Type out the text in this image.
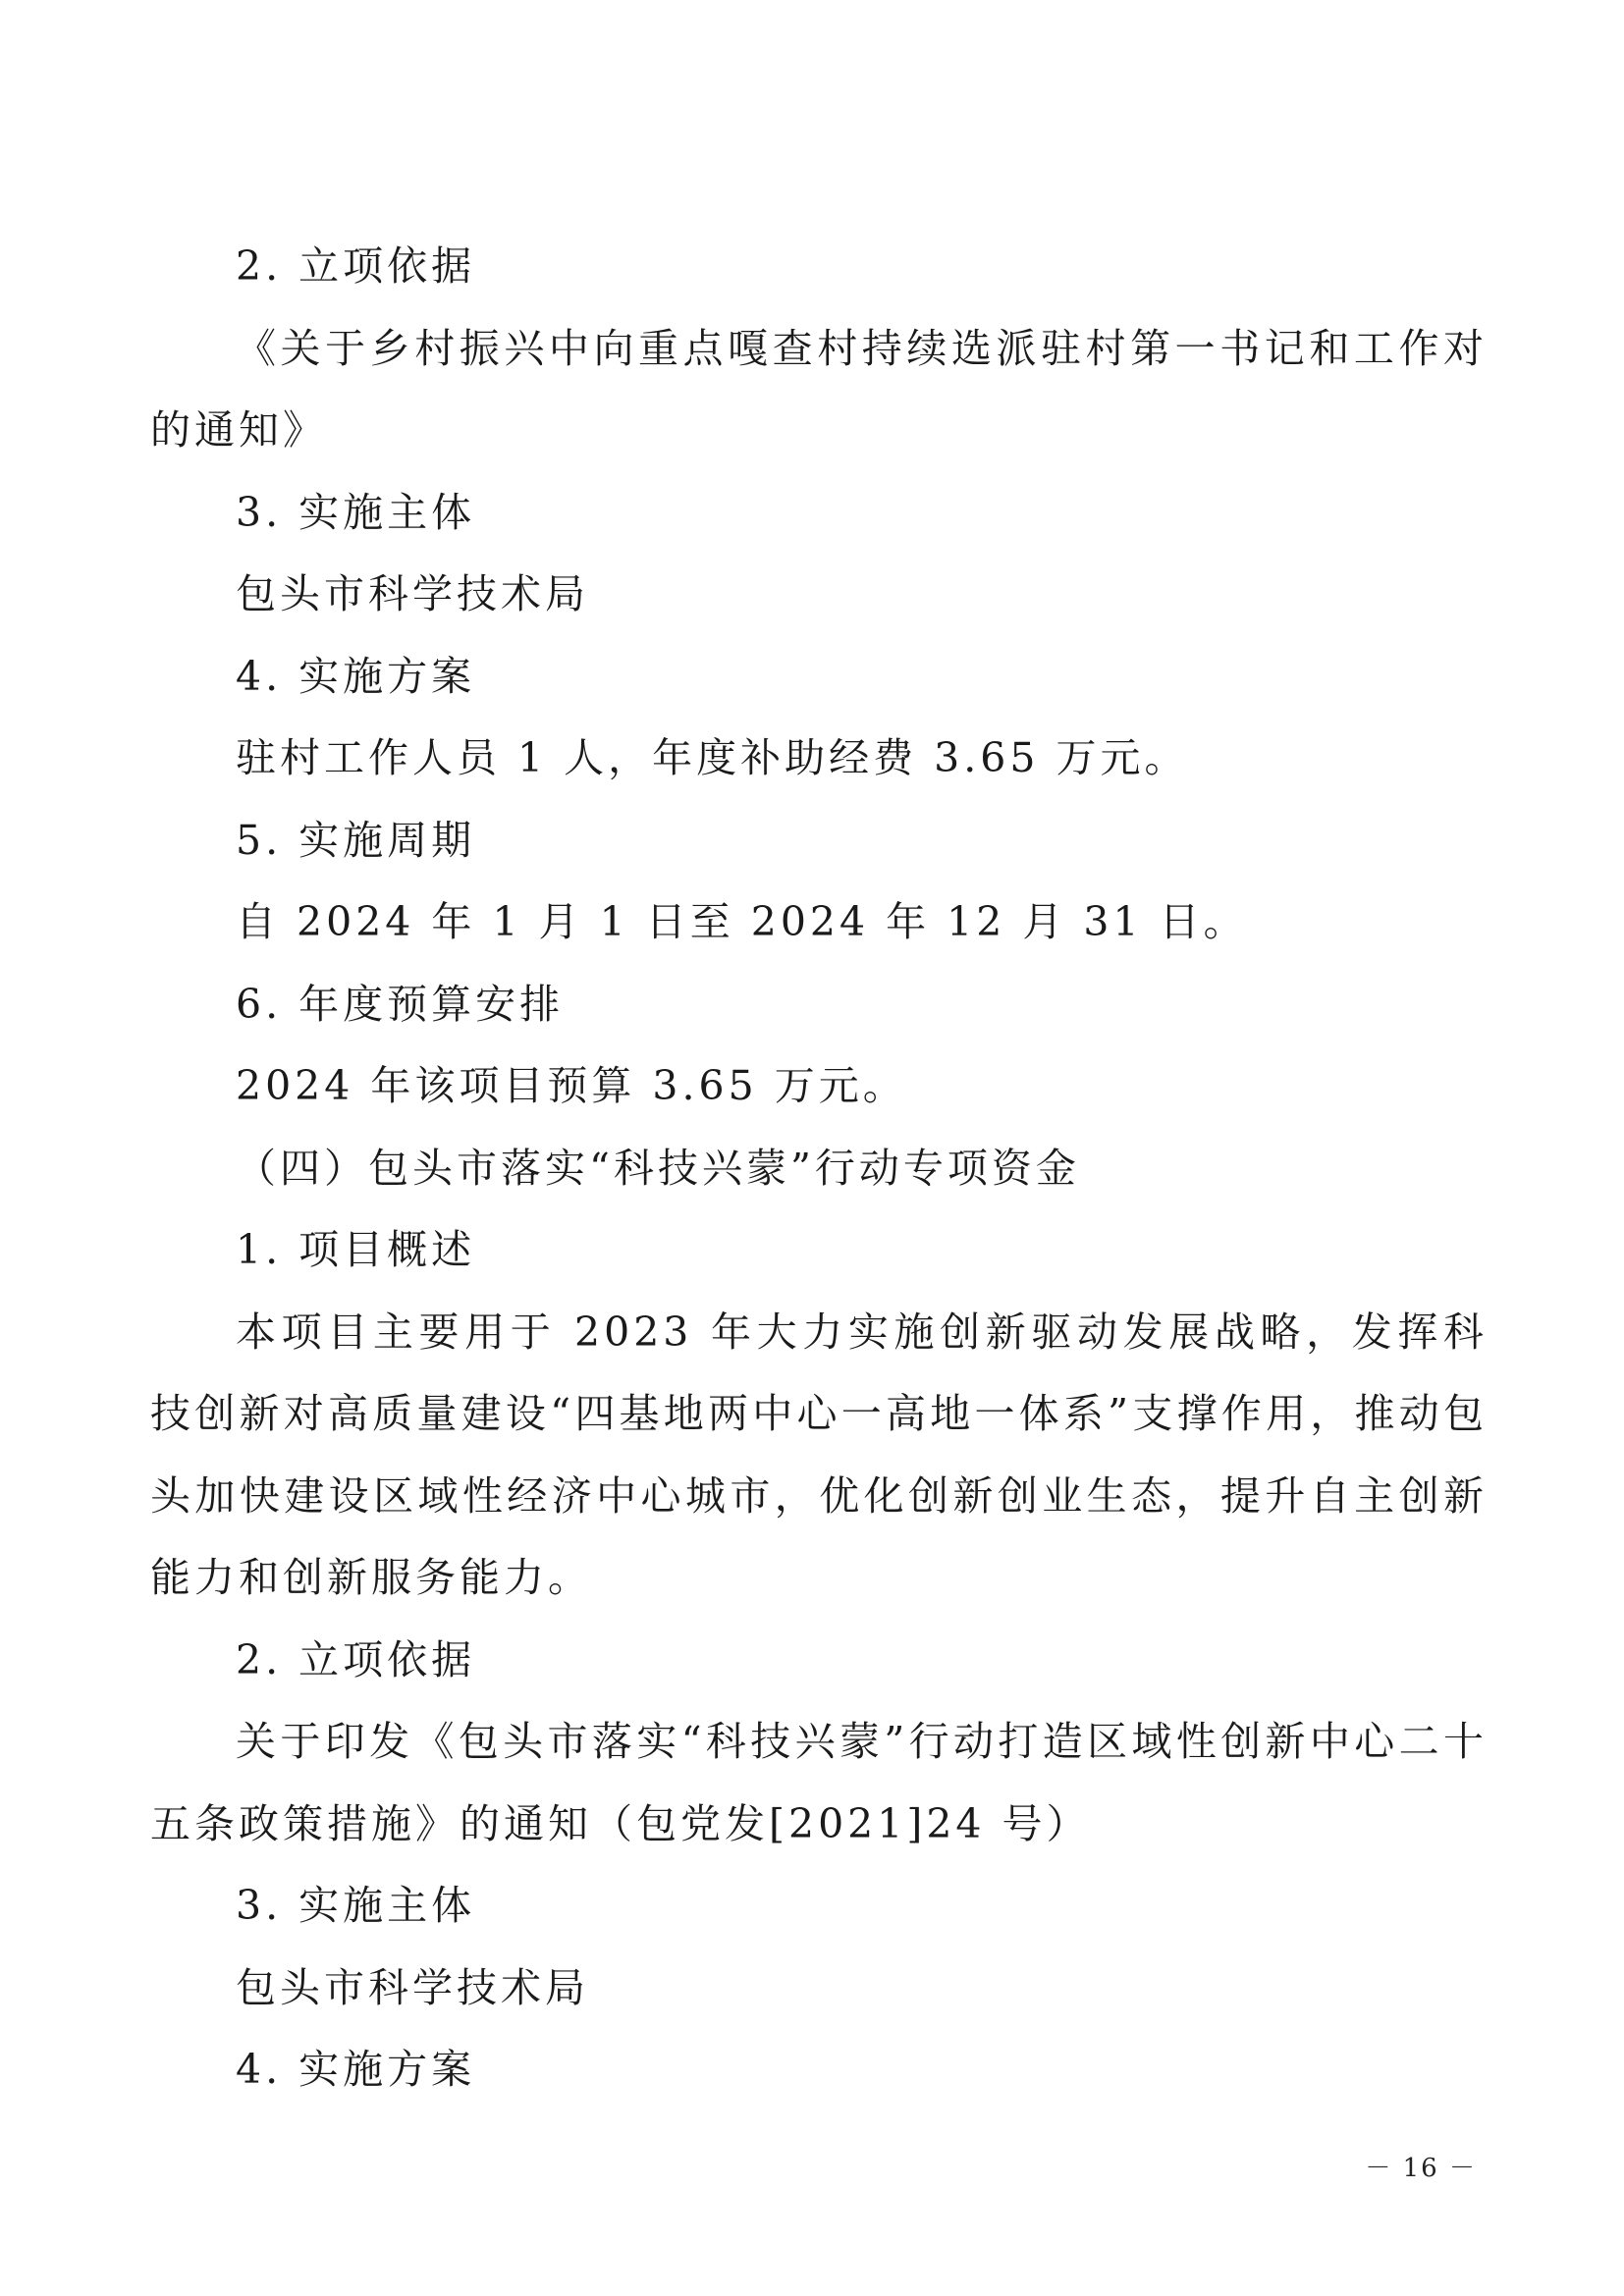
2. 立项依据

《关于乡村振兴中向重点嘎查村持续选派驻村第一书记和工作对的通知》

3. 实施主体

包头市科学技术局

4. 实施方案

驻村工作人员 1 人，年度补助经费 3.65 万元。

5. 实施周期

自 2024 年 1 月 1 日至 2024 年 12 月 31 日。

6. 年度预算安排

2024 年该项目预算 3.65 万元。

（四）包头市落实“科技兴蒙”行动专项资金

1. 项目概述

本项目主要用于 2023 年大力实施创新驱动发展战略，发挥科技创新对高质量建设“四基地两中心一高地一体系”支撑作用，推动包头加快建设区域性经济中心城市，优化创新创业生态，提升自主创新能力和创新服务能力。

2. 立项依据

关于印发《包头市落实“科技兴蒙”行动打造区域性创新中心二十五条政策措施》的通知（包党发[2021]24 号）

3. 实施主体

包头市科学技术局

4. 实施方案

－ 16 －
